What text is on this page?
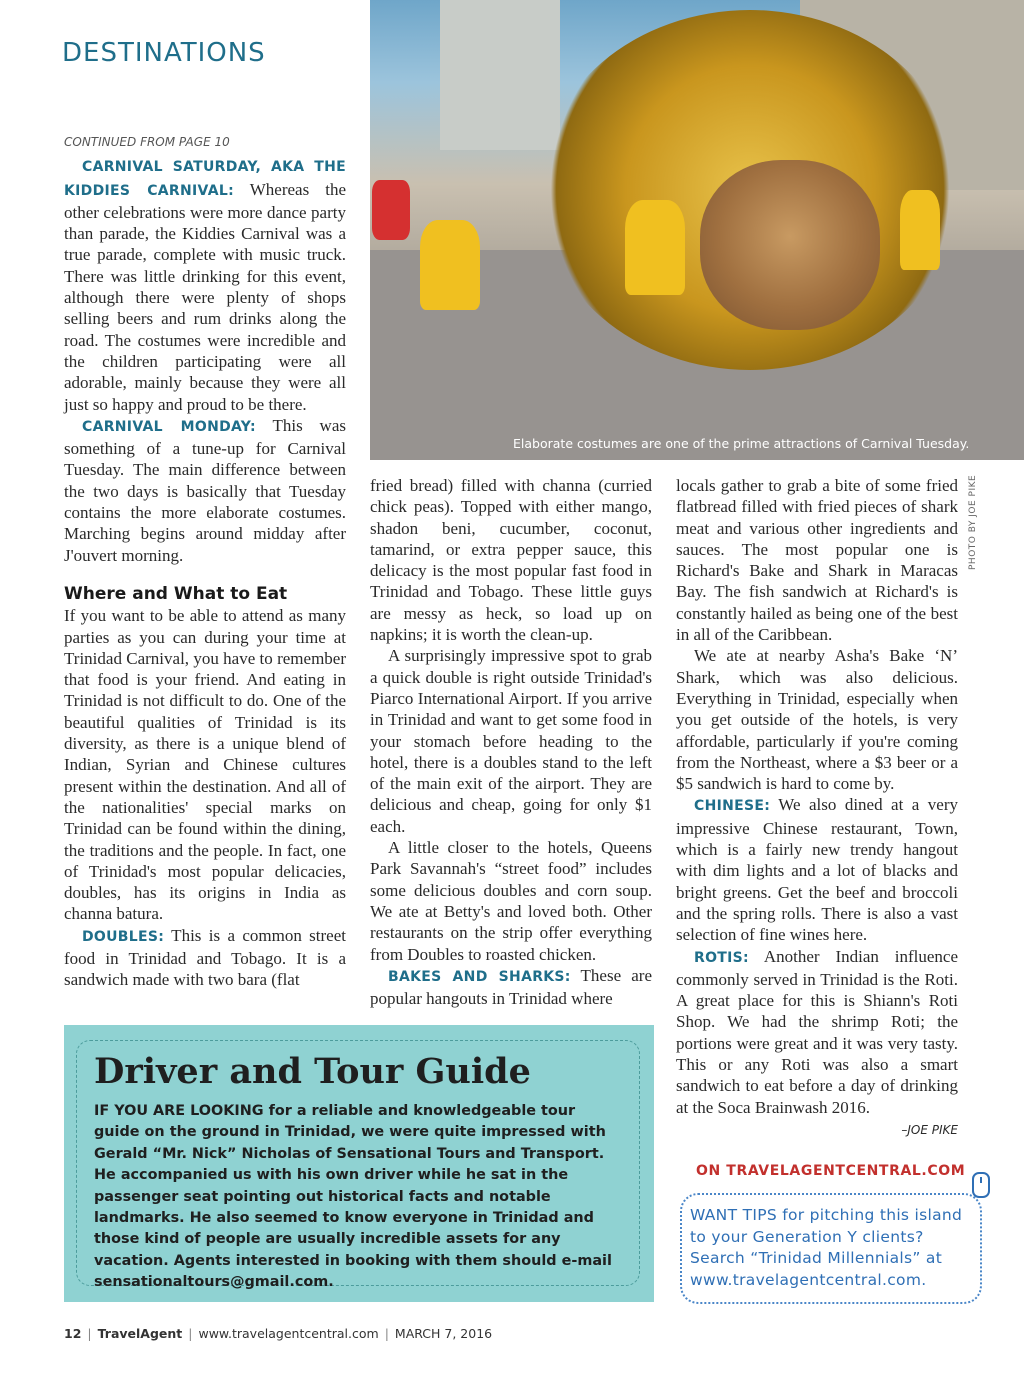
DESTINATIONS
Elaborate costumes are one of the prime attractions of Carnival Tuesday.
PHOTO BY JOE PIKE

CONTINUED FROM PAGE 10

CARNIVAL SATURDAY, AKA THE KIDDIES CARNIVAL: Whereas the other celebrations were more dance party than parade, the Kiddies Carnival was a true parade, complete with music truck. There was little drinking for this event, although there were plenty of shops selling beers and rum drinks along the road. The costumes were incredible and the children participating were all adorable, mainly because they were all just so happy and proud to be there.

CARNIVAL MONDAY: This was something of a tune-up for Carnival Tuesday. The main difference between the two days is basically that Tuesday contains the more elaborate costumes. Marching begins around midday after J'ouvert morning.

Where and What to Eat

If you want to be able to attend as many parties as you can during your time at Trinidad Carnival, you have to remember that food is your friend. And eating in Trinidad is not difficult to do. One of the beautiful qualities of Trinidad is its diversity, as there is a unique blend of Indian, Syrian and Chinese cultures present within the destination. And all of the nationalities' special marks on Trinidad can be found within the dining, the traditions and the people. In fact, one of Trinidad's most popular delicacies, doubles, has its origins in India as channa batura.

DOUBLES: This is a common street food in Trinidad and Tobago. It is a sandwich made with two bara (flat

fried bread) filled with channa (curried chick peas). Topped with either mango, shadon beni, cucumber, coconut, tamarind, or extra pepper sauce, this delicacy is the most popular fast food in Trinidad and Tobago. These little guys are messy as heck, so load up on napkins; it is worth the clean-up.

A surprisingly impressive spot to grab a quick double is right outside Trinidad's Piarco International Airport. If you arrive in Trinidad and want to get some food in your stomach before heading to the hotel, there is a doubles stand to the left of the main exit of the airport. They are delicious and cheap, going for only $1 each.

A little closer to the hotels, Queens Park Savannah's “street food” includes some delicious doubles and corn soup. We ate at Betty's and loved both. Other restaurants on the strip offer everything from Doubles to roasted chicken.

BAKES AND SHARKS: These are popular hangouts in Trinidad where

locals gather to grab a bite of some fried flatbread filled with fried pieces of shark meat and various other ingredients and sauces. The most popular one is Richard's Bake and Shark in Maracas Bay. The fish sandwich at Richard's is constantly hailed as being one of the best in all of the Caribbean.

We ate at nearby Asha's Bake ‘N’ Shark, which was also delicious. Everything in Trinidad, especially when you get outside of the hotels, is very affordable, particularly if you're coming from the Northeast, where a $3 beer or a $5 sandwich is hard to come by.

CHINESE: We also dined at a very impressive Chinese restaurant, Town, which is a fairly new trendy hangout with dim lights and a lot of blacks and bright greens. Get the beef and broccoli and the spring rolls. There is also a vast selection of fine wines here.

ROTIS: Another Indian influence commonly served in Trinidad is the Roti. A great place for this is Shiann's Roti Shop. We had the shrimp Roti; the portions were great and it was very tasty. This or any Roti was also a smart sandwich to eat before a day of drinking at the Soca Brainwash 2016.

–JOE PIKE

Driver and Tour Guide
IF YOU ARE LOOKING for a reliable and knowledgeable tour guide on the ground in Trinidad, we were quite impressed with Gerald “Mr. Nick” Nicholas of Sensational Tours and Transport. He accompanied us with his own driver while he sat in the passenger seat pointing out historical facts and notable landmarks. He also seemed to know everyone in Trinidad and those kind of people are usually incredible assets for any vacation. Agents interested in booking with them should e-mail sensationaltours@gmail.com.
ON TRAVELAGENTCENTRAL.COM
WANT TIPS for pitching this island to your Generation Y clients? Search “Trinidad Millennials” at www.travelagentcentral.com.
12 | TravelAgent | www.travelagentcentral.com | MARCH 7, 2016
